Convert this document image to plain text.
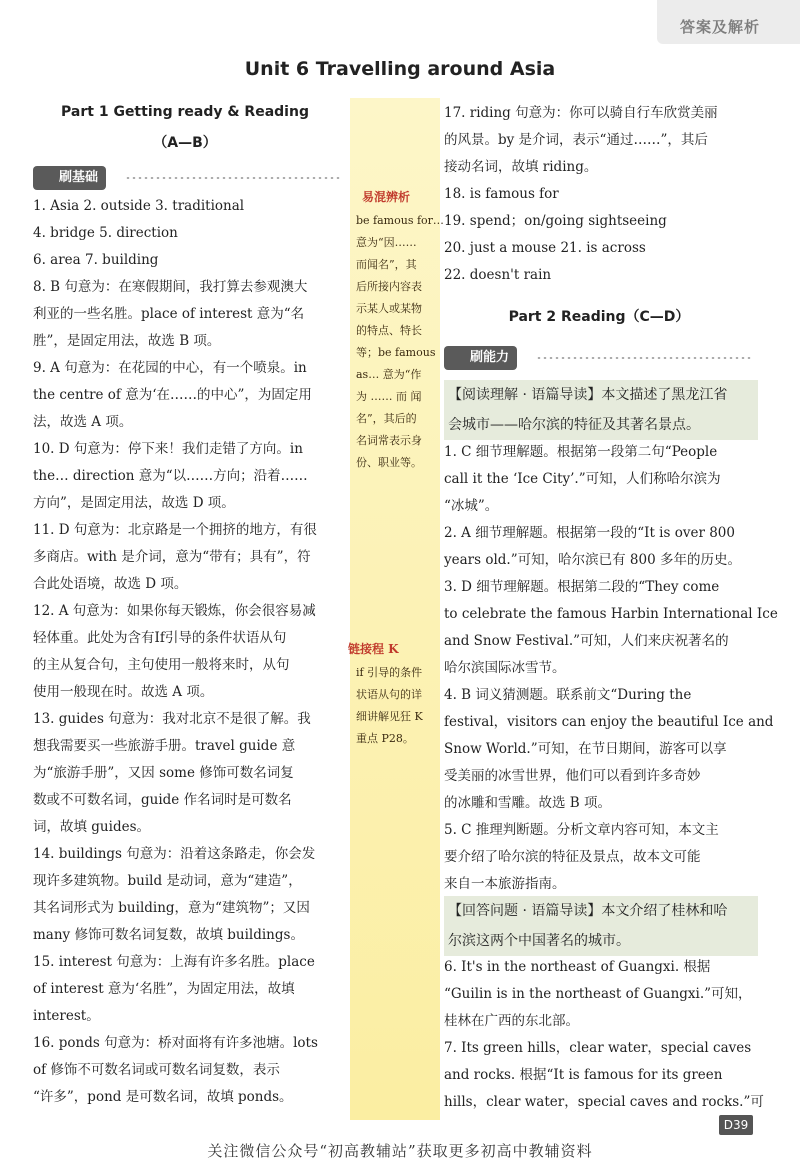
答案及解析
Unit 6 Travelling around Asia
Part 1 Getting ready & Reading
（A—B）
刷基础
1. Asia 2. outside 3. traditional
4. bridge 5. direction
6. area 7. building
8. B 句意为：在寒假期间，我打算去参观澳大
利亚的一些名胜。place of interest 意为“名
胜”，是固定用法，故选 B 项。
9. A 句意为：在花园的中心，有一个喷泉。in
the centre of 意为‘在……的中心”，为固定用
法，故选 A 项。
10. D 句意为：停下来！我们走错了方向。in
the… direction 意为“以……方向；沿着……
方向”，是固定用法，故选 D 项。
11. D 句意为：北京路是一个拥挤的地方，有很
多商店。with 是介词，意为“带有；具有”，符
合此处语境，故选 D 项。
12. A 句意为：如果你每天锻炼，你会很容易减
轻体重。此处为含有If引导的条件状语从句
的主从复合句，主句使用一般将来时，从句
使用一般现在时。故选 A 项。
13. guides 句意为：我对北京不是很了解。我
想我需要买一些旅游手册。travel guide 意
为“旅游手册”，又因 some 修饰可数名词复
数或不可数名词，guide 作名词时是可数名
词，故填 guides。
14. buildings 句意为：沿着这条路走，你会发
现许多建筑物。build 是动词，意为“建造”，
其名词形式为 building，意为“建筑物”；又因
many 修饰可数名词复数，故填 buildings。
15. interest 句意为：上海有许多名胜。place
of interest 意为‘名胜”，为固定用法，故填
interest。
16. ponds 句意为：桥对面将有许多池塘。lots
of 修饰不可数名词或可数名词复数，表示
“许多”，pond 是可数名词，故填 ponds。
易混辨析
be famous for…
意为“因……
而闻名”，其
后所接内容表
示某人或某物
的特点、特长
等；be famous
as… 意为“作
为 …… 而 闻
名”，其后的
名词常表示身
份、职业等。
链接程 K
if 引导的条件
状语从句的详
细讲解见狂 K
重点 P28。
17. riding 句意为：你可以骑自行车欣赏美丽
的风景。by 是介词，表示“通过……”，其后
接动名词，故填 riding。
18. is famous for
19. spend；on/going sightseeing
20. just a mouse 21. is across
22. doesn't rain
Part 2 Reading（C—D）
刷能力
【阅读理解 · 语篇导读】本文描述了黑龙江省
会城市——哈尔滨的特征及其著名景点。
1. C 细节理解题。根据第一段第二句“People
call it the ‘Ice City’.”可知，人们称哈尔滨为
“冰城”。
2. A 细节理解题。根据第一段的“It is over 800
years old.”可知，哈尔滨已有 800 多年的历史。
3. D 细节理解题。根据第二段的“They come
to celebrate the famous Harbin International Ice
and Snow Festival.”可知，人们来庆祝著名的
哈尔滨国际冰雪节。
4. B 词义猜测题。联系前文“During the
festival，visitors can enjoy the beautiful Ice and
Snow World.”可知，在节日期间，游客可以享
受美丽的冰雪世界，他们可以看到许多奇妙
的冰雕和雪雕。故选 B 项。
5. C 推理判断题。分析文章内容可知，本文主
要介绍了哈尔滨的特征及景点，故本文可能
来自一本旅游指南。
【回答问题 · 语篇导读】本文介绍了桂林和哈
尔滨这两个中国著名的城市。
6. It's in the northeast of Guangxi. 根据
“Guilin is in the northeast of Guangxi.”可知，
桂林在广西的东北部。
7. Its green hills，clear water，special caves
and rocks. 根据“It is famous for its green
hills，clear water，special caves and rocks.”可
D39
关注微信公众号“初高教辅站”获取更多初高中教辅资料
